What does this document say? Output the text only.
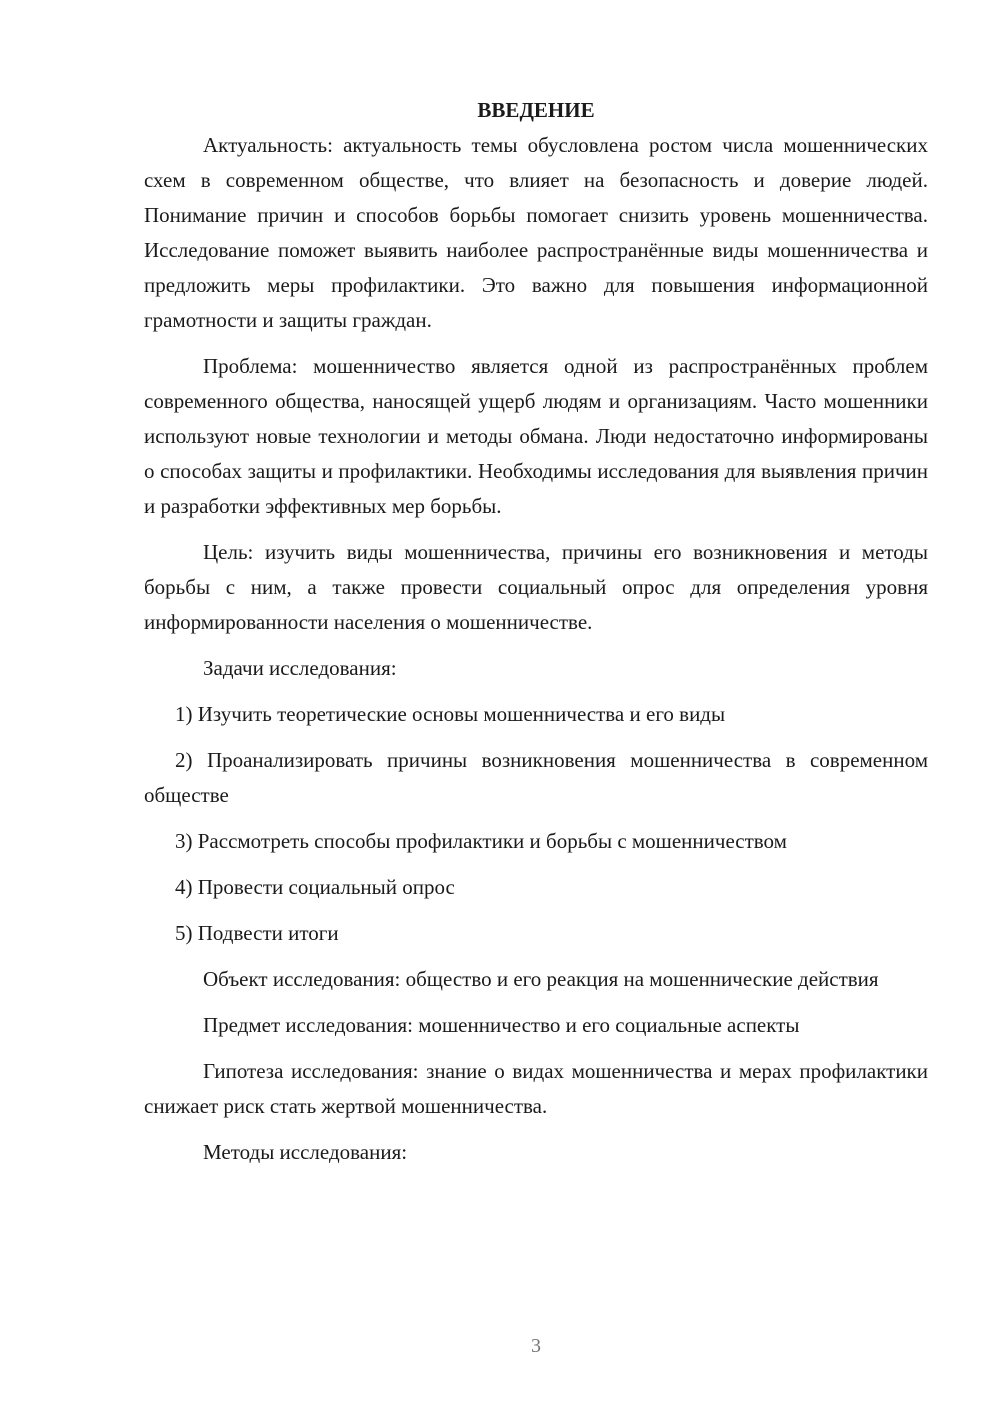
ВВЕДЕНИЕ

Актуальность: актуальность темы обусловлена ростом числа мошеннических схем в современном обществе, что влияет на безопасность и доверие людей. Понимание причин и способов борьбы помогает снизить уровень мошенничества. Исследование поможет выявить наиболее распространённые виды мошенничества и предложить меры профилактики. Это важно для повышения информационной грамотности и защиты граждан.

Проблема: мошенничество является одной из распространённых проблем современного общества, наносящей ущерб людям и организациям. Часто мошенники используют новые технологии и методы обмана. Люди недостаточно информированы о способах защиты и профилактики. Необходимы исследования для выявления причин и разработки эффективных мер борьбы.

Цель: изучить виды мошенничества, причины его возникновения и методы борьбы с ним, а также провести социальный опрос для определения уровня информированности населения о мошенничестве.

Задачи исследования:

1) Изучить теоретические основы мошенничества и его виды

2) Проанализировать причины возникновения мошенничества в современном обществе

3) Рассмотреть способы профилактики и борьбы с мошенничеством

4) Провести социальный опрос

5) Подвести итоги

Объект исследования: общество и его реакция на мошеннические действия

Предмет исследования: мошенничество и его социальные аспекты

Гипотеза исследования: знание о видах мошенничества и мерах профилактики снижает риск стать жертвой мошенничества.

Методы исследования:

3
